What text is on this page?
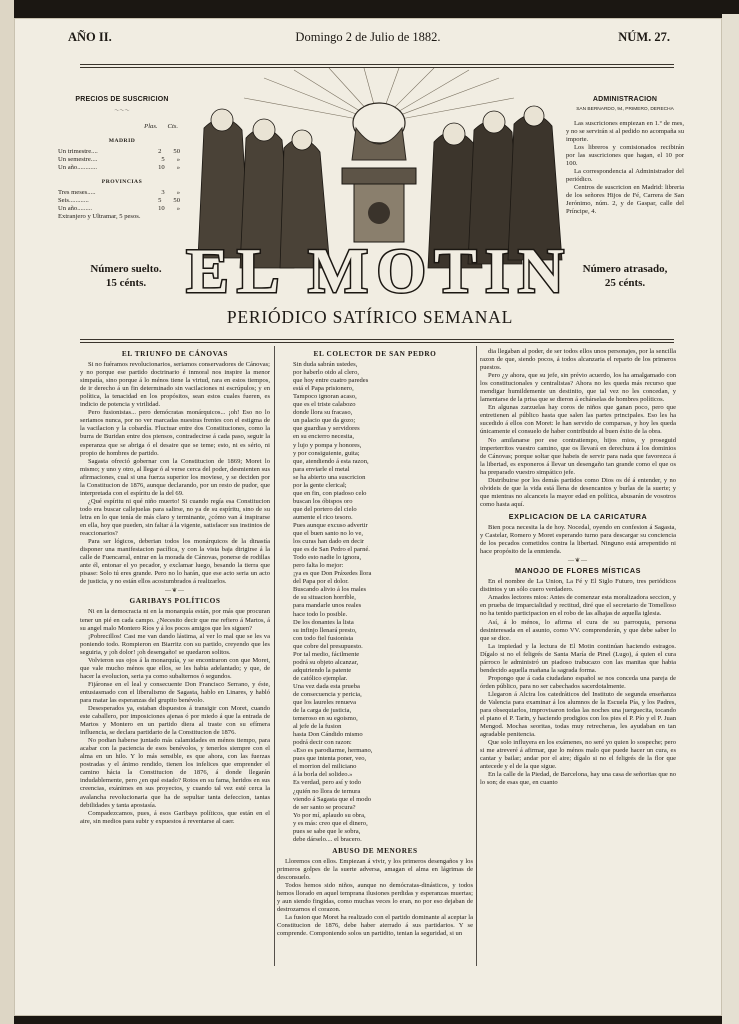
AÑO II.	Domingo 2 de Julio de 1882.	NÚM. 27.
PRECIOS DE SUSCRICION
〜〜〜
Plas. Cts.
MADRID
Un trimestre....	2 50
Un semestre....	5 »
Un año............	10 »
PROVINCIAS
Tres meses.....	3 »
Seis............	5 50
Un año.........	10 »
Extranjero y Ultramar, 5 pesos.
Número suelto.
15 cénts.
ADMINISTRACION
SAN BERNARDO, 94, PRIMERO, DERECHA

Las suscriciones empiezan en 1.º de mes, y no se servirán si al pedido no acompaña su importe.

Los libreros y comisionados recibirán por las suscriciones que hagan, el 10 por 100.

La correspondencia al Administrador del periódico.

Centros de suscricion en Madrid: libreria de los señores Hijos de Fé, Carrera de San Jerónimo, núm. 2, y de Gaspar, calle del Príncipe, 4.

Número atrasado,
25 cénts.
EL MOTIN
PERIÓDICO SATÍRICO SEMANAL
EL TRIUNFO DE CÁNOVAS

Si no fuéramos revolucionarios, seriamos conservadores de Cánovas; y no porque ese partido doctrinario é inmoral nos inspire la menor simpatía, sino porque á lo ménos tiene la virtud, rara en estos tiempos, de ir derecho á un fin determinado sin vacilaciones ni escrúpulos; y en política, la tenacidad en los propósitos, sean estos cuales fueren, es indicio de potencia y virilidad.

Pero fusionistas... pero demócratas monárquicos... ¡oh! Eso no lo seriamos nunca, por no ver marcadas nuestras frentes con el estigma de la vacilacion y la cobardía. Fluctuar entre dos Constituciones, como la burra de Buridan entre dos piensos, contradecirse á cada paso, seguir la esperanza que se abriga ó el desaire que se teme; esto, ni es sério, ni propio de hombres de partido.

Sagasta ofreció gobernar con la Constitucion de 1869; Moret lo mismo; y uno y otro, al llegar ó al verse cerca del poder, desmienten sus afirmaciones, cual si una fuerza superior los moviese, y se deciden por la Constitucion de 1876, aunque declarando, por un resto de pudor, que interpretada con el espíritu de la del 69.

¿Qué espíritu ni qué niño muerto! Si cuando regía esa Constitucion todo era buscar callejuelas para salirse, no ya de su espíritu, sino de su letra en lo que tenía de más claro y terminante, ¿cómo van á inspirarse en ella, hoy que pueden, sin faltar á la vigente, satisfacer sus instintos de reaccionarios?

Para ser lógicos, deberian todos los monárquicos de la dinastía disponer una manifestacion pacífica, y con la vista baja dirigirse á la calle de Fuencarral, entrar en la morada de Cánovas, ponerse de rodillas ante él, entonar el yo pecador, y exclamar luego, besando la tierra que pisase: Solo tú eres grande. Pero no lo harán, que ese acto seria un acto de justicia, y no están ellos acostumbrados á realizarlos.

—❦—
GARIBAYS POLÍTICOS

Ni en la democracia ni en la monarquía están, por más que procuran tener un pié en cada campo. ¿Necesito decir que me refiero á Martos, á su angel malo Montero Ríos y á los pocos amigos que les siguen?

¡Pobrecillos! Casi me van dando lástima, al ver lo mal que se les va poniendo todo. Rompieron en Biarritz con su partido, creyendo que les seguiria, y ¡oh dolor! ¡oh desengaño! se quedaron solitos.

Volvieron sus ojos á la monarquía, y se encontraron con que Moret, que vale mucho ménos que ellos, se les habia adelantado; y que, de hacer la evolucion, seria ya como subalternos ó segundos.

Fijáronse en el leal y consecuente Don Francisco Serrano, y éste, entusiasmado con el liberalismo de Sagasta, hablo en Linares, y habló para matar las esperanzas del grupito benévolo.

Desesperados ya, estaban dispuestos á transigir con Moret, cuando este caballero, por imposiciones ajenas ó por miedo á que la entrada de Martos y Montero en un partido diera al traste con su efímera influencia, se declara partidario de la Constitucion de 1876.

No podian haberse juntado más calamidades en ménos tiempo, para acabar con la paciencia de esos benévolos, y tenerlos siempre con el alma en un hilo. Y lo más sensible, es que ahora, con las fuerzas postradas y el ánimo rendido, tienen los infelices que emprender el camino hácia la Constitucion de 1876, á donde llegarán indudablemente, pero ¿en qué estado? Rotos en su fama, heridos en sus creencias, exánimes en sus proyectos, y cuando tal vez esté cerca la avalancha revolucionaria que ha de sepultar tanta defeccion, tantas debilidades y tanta apostasía.

Compadezcamos, pues, á esos Garibays políticos, que están en el aire, sin medios para subir y expuestos á reventarse al caer.

EL COLECTOR DE SAN PEDRO

Sin duda sabrán ustedes,

por haberlo oido al clero,

que hoy entre cuatro paredes

está el Papa prisionero,

Tampoco ignoran acaso,

que es el triste calabozo

donde llora su fracaso,

un palacio que da gozo;

que guardias y servidores

en su encierro necesita,

y lujo y pompa y honores,

y por consiguiente, guita;

que, atendiendo á esta razon,

para enviarle el metal

se ha abierto una suscricion

por la gente clerical;

que en fin, con piadoso celo

buscan los óbispos oro

que del portero del cielo

aumente el rico tesoro.

Pues aunque excuso advertir

que el buen santo no lo ve,

los curas han dado en decir

que es de San Pedro el parné.

Todo esto nadie lo ignora,

pero falta lo mejor:

¡ya es que Don Práxedes llora

del Papa por el dolor.

Buscando alivio á los males

de su situacion horrible,

para mandarle unos reales

hace todo lo posible.

De los donantes la lista

su infinjo llenará presto,

con todo fiel fusionista

que cobre del presupuesto.

Por tal medio, fácilmente

podrá su objeto alcanzar,

adquiriendo la patente

de católico ejemplar.

Una vez dada esta prueba

de consecuencia y pericia,

que los laureles renueva

de la carga de justicia,

temeroso en su egoismo,

al jefe de la fusion

hasta Don Cándido mismo

podrá decir con razon:

«Eso es parodiarme, hermano,

pues que intenta poner, veo,

el morrion del miliciano

á la borla del solideo.»

Es verdad, pero así y todo

¿quién no llora de ternura

viendo á Sagasta que el modo

de ser santo se procura?

Yo por mí, aplaudo su obra,

y es más: creo que el dinero,

pues se sabe que le sobra,

debe dárselo.... el bracero.

ABUSO DE MENORES

Lloremos con ellos. Empiezan á vivir, y los primeros desengaños y los primeros golpes de la suerte adversa, amagan el alma en lágrimas de desconsuelo.

Todos hemos sido niños, aunque no demócratas-dinásticos, y todos hemos llorado en aquel temprana ilusiones perdidas y esperanzas muertas; y aun siendo fingidas, como muchas veces lo eran, no por eso dejaban de destrozarnos el corazon.

La fusion que Moret ha realizado con el partido dominante al aceptar la Constitucion de 1876, debe haber aterrado á sus partidarios. Y se comprende. Componiendo solos un partidito, tenian la seguridad, si un

dia llegaban al poder, de ser todos ellos unos personajes, por la sencilla razon de que, siendo pocos, á todos alcanzaria el reparto de los primeros puestos.

Pero ¿y ahora, que su jefe, sin prévio acuerdo, los ha amalgamado con los constitucionales y centralistas? Ahora no les queda más recurso que mendigar humildemente un destinito, que tal vez no les concedan, y lamentarse de la prisa que se dieron á echárselas de hombres políticos.

En algunas zarzuelas hay coros de niños que ganan poco, pero que entretienen al público hasta que salen las partes principales. Eso les ha sucedido á ellos con Moret: le han servido de comparsas, y hoy les queda únicamente el consuelo de haber contribuido al buen éxito de la obra.

No amilanarse por ese contratiempo, hijos mios, y proseguid imperterritos vuestro camino, que os llevará en derechura á los dominios de Cánovas; porque soltar que habeis de servir para nada que favorezca á la libertad, es exponeros á llevar un desengaño tan grande como el que os ha preparado vuestro simpático jefe.

Distribuirse por los demás partidos como Dios os dé á entender, y no olvideis de que la vida está llena de desencantos y burlas de la suerte; y que mientras no alcanceis la mayor edad en política, abusarán de vosotros como hasta aquí.

EXPLICACION DE LA CARICATURA

Bien poca necesita la de hoy. Nocedal, oyendo en confesion á Sagasta, y Castelar, Romero y Moret esperando turno para descargar su conciencia de los pecados cometidos contra la libertad. Ninguno está arrepentido ni hace propósito de la enmienda.

—❦—
MANOJO DE FLORES MÍSTICAS

En el nombre de La Union, La Fé y El Siglo Futuro, tres periódicos distintos y un sólo cuero verdadero.

Amados lectores mios: Antes de comenzar esta moralizadora seccion, y en prueba de imparcialidad y rectitud, diré que el secretario de Tomelloso no ha tenido participacion en el robo de las alhajas de aquella iglesia.

Así, á lo ménos, lo afirma el cura de su parroquia, persona desinteresada en el asunto, como VV. comprenderán, y que debe saber lo que se dice.

La impiedad y la lectura de El Motin continúan haciendo estragos. Dígalo si no el feligrés de Santa María de Pinel (Lugo), á quien el cura párroco le administró un piadoso trabucazo con las manitas que habia bendecido aquella mañana la sagrada forma.

Propongo que á cada ciudadano español se nos conceda una pareja de órden público, para no ser cabechados sacerdotalmente.

Llegaron á Alcira los catedráticos del Instituto de segunda enseñanza de Valencia para examinar á los alumnos de la Escuela Pía, y los Padres, para obsequiarlos, improvisaron todas las noches una juerguecita, tocando el piano el P. Tarin, y haciendo prodigios con los pies el P. Pío y el P. Juan Mengod. Mochas seoritas, todas muy retrecheras, les ayudaban en tan agradable penitencia.

Que solo influyera en los exámenes, no seré yo quien lo sospeche; pero si me atreveré á afirmar, que lo ménos malo que puede hacer un cura, es cantar y bailar; andar por el aire; dígalo si no el feligrés de la flor que antecede y el de la que sigue.

En la calle de la Piedad, de Barcelona, hay una casa de señoritas que no lo son; de esas que, en cuanto
